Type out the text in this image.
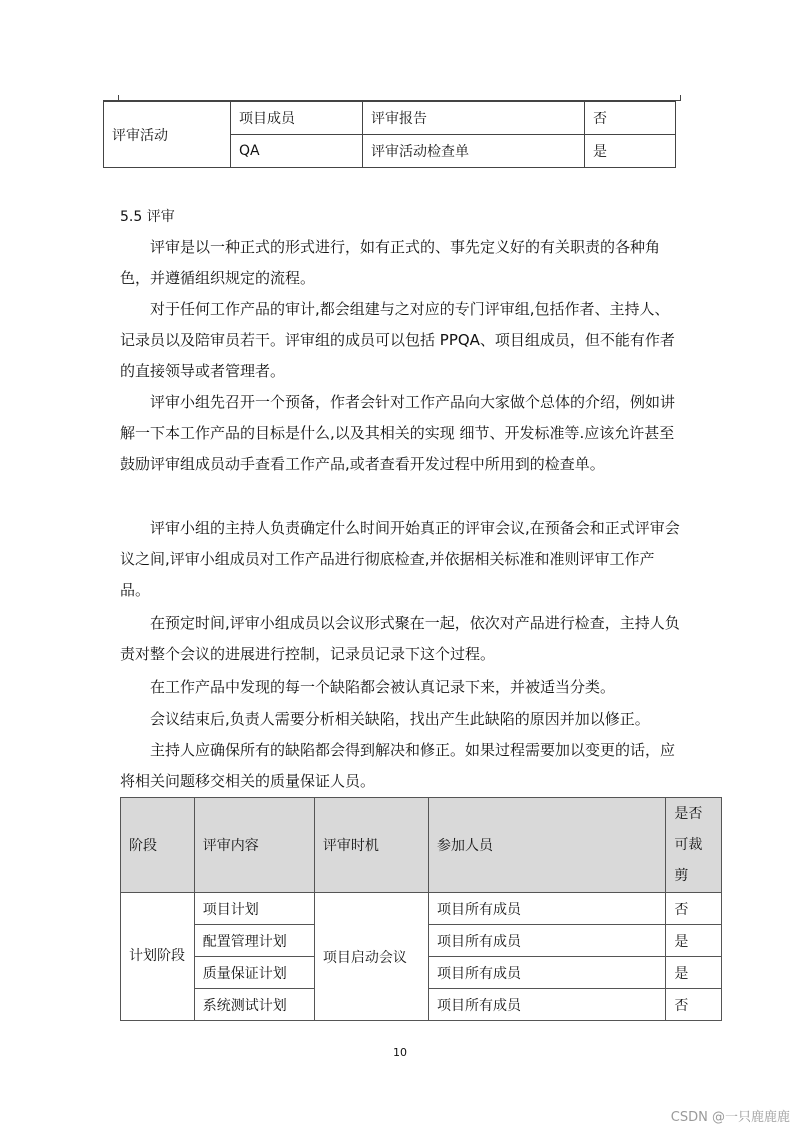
评审活动	项目成员	评审报告	否
	QA	评审活动检查单	是
5.5 评审

评审是以一种正式的形式进行，如有正式的、事先定义好的有关职责的各种角色，并遵循组织规定的流程。

对于任何工作产品的审计,都会组建与之对应的专门评审组,包括作者、主持人、记录员以及陪审员若干。评审组的成员可以包括 PPQA、项目组成员，但不能有作者的直接领导或者管理者。

评审小组先召开一个预备，作者会针对工作产品向大家做个总体的介绍，例如讲解一下本工作产品的目标是什么,以及其相关的实现 细节、开发标准等.应该允许甚至鼓励评审组成员动手查看工作产品,或者查看开发过程中所用到的检查单。

评审小组的主持人负责确定什么时间开始真正的评审会议,在预备会和正式评审会议之间,评审小组成员对工作产品进行彻底检查,并依据相关标准和准则评审工作产品。

在预定时间,评审小组成员以会议形式聚在一起，依次对产品进行检查，主持人负责对整个会议的进展进行控制，记录员记录下这个过程。

在工作产品中发现的每一个缺陷都会被认真记录下来，并被适当分类。

会议结束后,负责人需要分析相关缺陷，找出产生此缺陷的原因并加以修正。

主持人应确保所有的缺陷都会得到解决和修正。如果过程需要加以变更的话，应将相关问题移交相关的质量保证人员。

阶段	评审内容	评审时机	参加人员	是否
可裁
剪

计划阶段	项目计划	项目启动会议	项目所有成员	否
	配置管理计划		项目所有成员	是
	质量保证计划		项目所有成员	是
	系统测试计划		项目所有成员	否
10
CSDN @一只鹿鹿鹿
